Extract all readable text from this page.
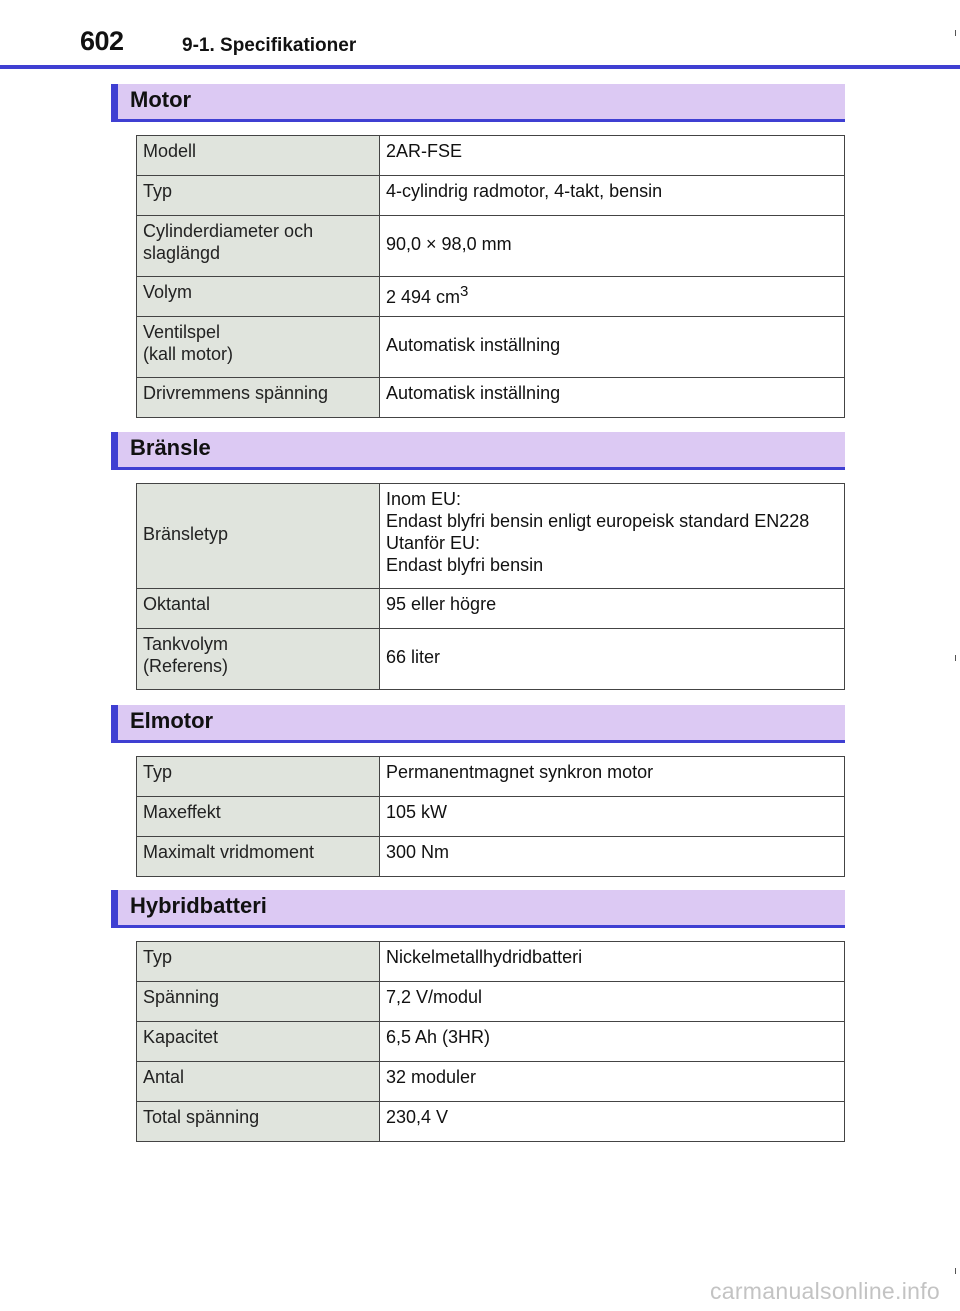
602	9-1. Specifikationer
Motor
Modell	2AR-FSE
Typ	4-cylindrig radmotor, 4-takt, bensin
Cylinderdiameter och
slaglängd	90,0 × 98,0 mm
Volym	2 494 $cm^3$
Ventilspel
(kall motor)	Automatisk inställning
Drivremmens spänning	Automatisk inställning
Bränsle
Bränsletyp	Inom EU:
Endast blyfri bensin enligt europeisk standard EN228
Utanför EU:
Endast blyfri bensin
Oktantal	95 eller högre
Tankvolym
(Referens)	66 liter
Elmotor
Typ	Permanentmagnet synkron motor
Maxeffekt	105 kW
Maximalt vridmoment	300 Nm
Hybridbatteri
Typ	Nickelmetallhydridbatteri
Spänning	7,2 V/modul
Kapacitet	6,5 Ah (3HR)
Antal	32 moduler
Total spänning	230,4 V
carmanualsonline.info
